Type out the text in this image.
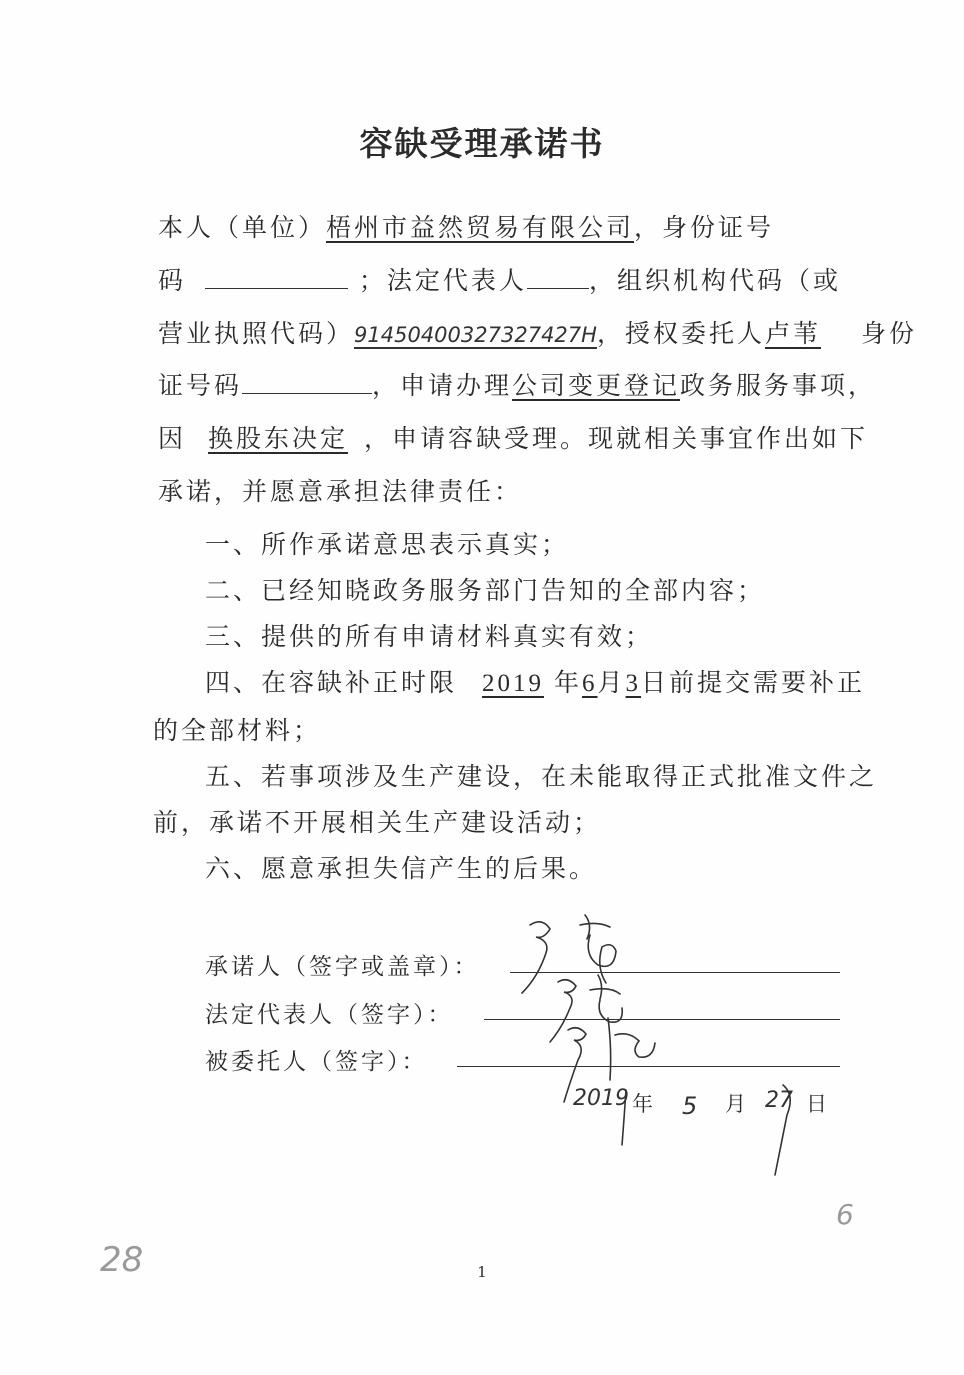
容缺受理承诺书
本人（单位）梧州市益然贸易有限公司，身份证号
码	；法定代表人 ，组织机构代码（或
营业执照代码）91450400327327427H，授权委托人卢苇 身份
证号码	，申请办理公司变更登记政务服务事项，
因 换股东决定 ，申请容缺受理。现就相关事宜作出如下
承诺，并愿意承担法律责任：
一、所作承诺意思表示真实；
二、已经知晓政务服务部门告知的全部内容；
三、提供的所有申请材料真实有效；
四、在容缺补正时限 2019 年6月3日前提交需要补正
的全部材料；
五、若事项涉及生产建设，在未能取得正式批准文件之
前，承诺不开展相关生产建设活动；
六、愿意承担失信产生的后果。
承诺人（签字或盖章）：
法定代表人（签字）：
被委托人（签字）：
2019 年 5 月 27 日
28
6
1
